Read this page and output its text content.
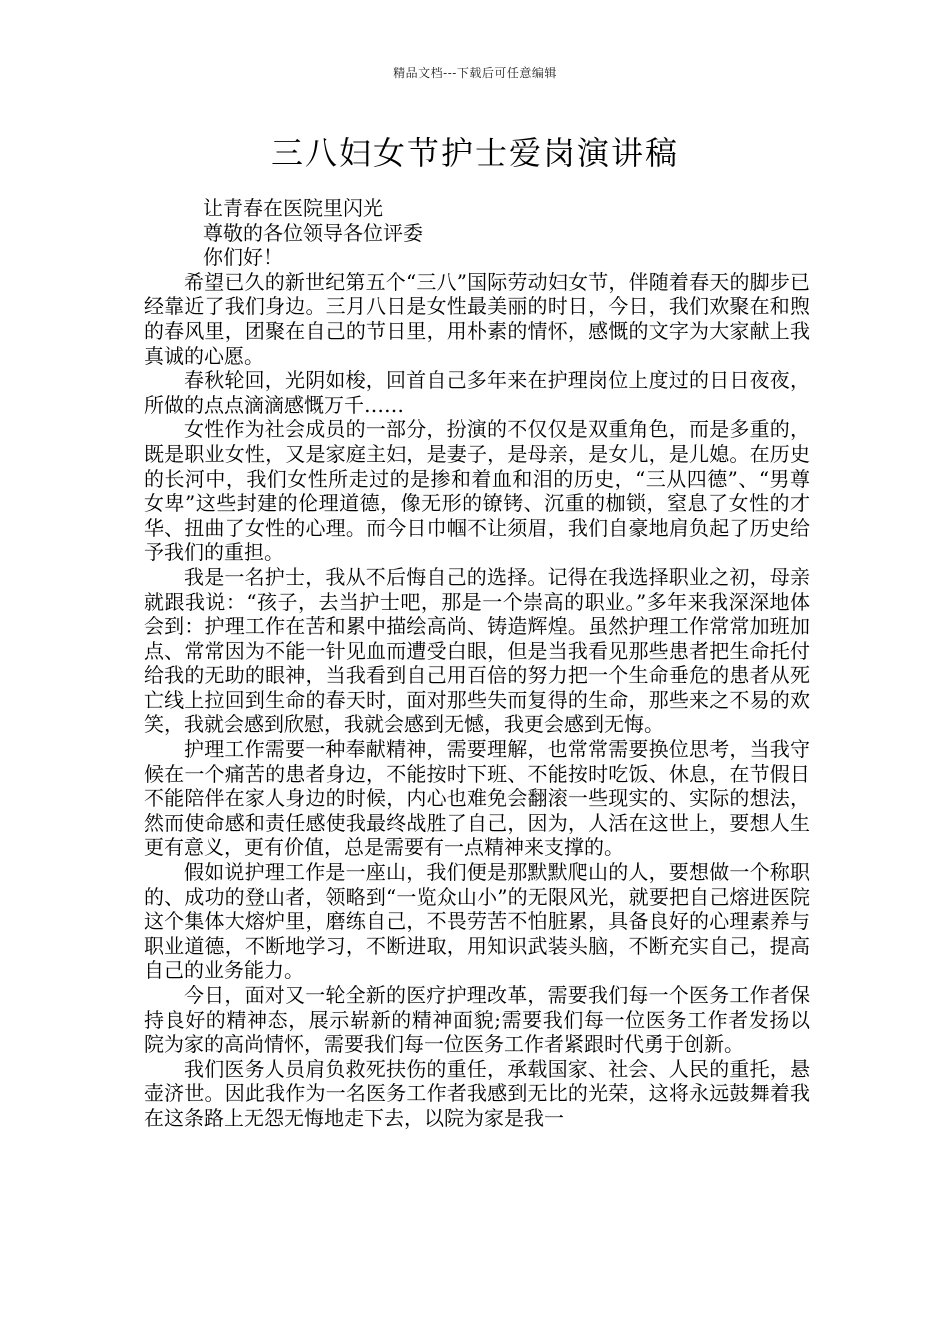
精品文档---下载后可任意编辑
三八妇女节护士爱岗演讲稿

让青春在医院里闪光

尊敬的各位领导各位评委

你们好！

希望已久的新世纪第五个“三八”国际劳动妇女节，伴随着春天的脚步已经靠近了我们身边。三月八日是女性最美丽的时日，今日，我们欢聚在和煦的春风里，团聚在自己的节日里，用朴素的情怀，感慨的文字为大家献上我真诚的心愿。

春秋轮回，光阴如梭，回首自己多年来在护理岗位上度过的日日夜夜，所做的点点滴滴感慨万千……

女性作为社会成员的一部分，扮演的不仅仅是双重角色，而是多重的，既是职业女性，又是家庭主妇，是妻子，是母亲，是女儿，是儿媳。在历史的长河中，我们女性所走过的是掺和着血和泪的历史，“三从四德”、“男尊女卑”这些封建的伦理道德，像无形的镣铐、沉重的枷锁，窒息了女性的才华、扭曲了女性的心理。而今日巾帼不让须眉，我们自豪地肩负起了历史给予我们的重担。

我是一名护士，我从不后悔自己的选择。记得在我选择职业之初，母亲就跟我说：“孩子，去当护士吧，那是一个崇高的职业。”多年来我深深地体会到：护理工作在苦和累中描绘高尚、铸造辉煌。虽然护理工作常常加班加点、常常因为不能一针见血而遭受白眼，但是当我看见那些患者把生命托付给我的无助的眼神，当我看到自己用百倍的努力把一个生命垂危的患者从死亡线上拉回到生命的春天时，面对那些失而复得的生命，那些来之不易的欢笑，我就会感到欣慰，我就会感到无憾，我更会感到无悔。

护理工作需要一种奉献精神，需要理解，也常常需要换位思考，当我守候在一个痛苦的患者身边，不能按时下班、不能按时吃饭、休息，在节假日不能陪伴在家人身边的时候，内心也难免会翻滚一些现实的、实际的想法，然而使命感和责任感使我最终战胜了自己，因为，人活在这世上，要想人生更有意义，更有价值，总是需要有一点精神来支撑的。

假如说护理工作是一座山，我们便是那默默爬山的人，要想做一个称职的、成功的登山者，领略到“一览众山小”的无限风光，就要把自己熔进医院这个集体大熔炉里，磨练自己，不畏劳苦不怕脏累，具备良好的心理素养与职业道德，不断地学习，不断进取，用知识武装头脑，不断充实自己，提高自己的业务能力。

今日，面对又一轮全新的医疗护理改革，需要我们每一个医务工作者保持良好的精神态，展示崭新的精神面貌;需要我们每一位医务工作者发扬以院为家的高尚情怀，需要我们每一位医务工作者紧跟时代勇于创新。

我们医务人员肩负救死扶伤的重任，承载国家、社会、人民的重托，悬壶济世。因此我作为一名医务工作者我感到无比的光荣，这将永远鼓舞着我在这条路上无怨无悔地走下去，以院为家是我一
